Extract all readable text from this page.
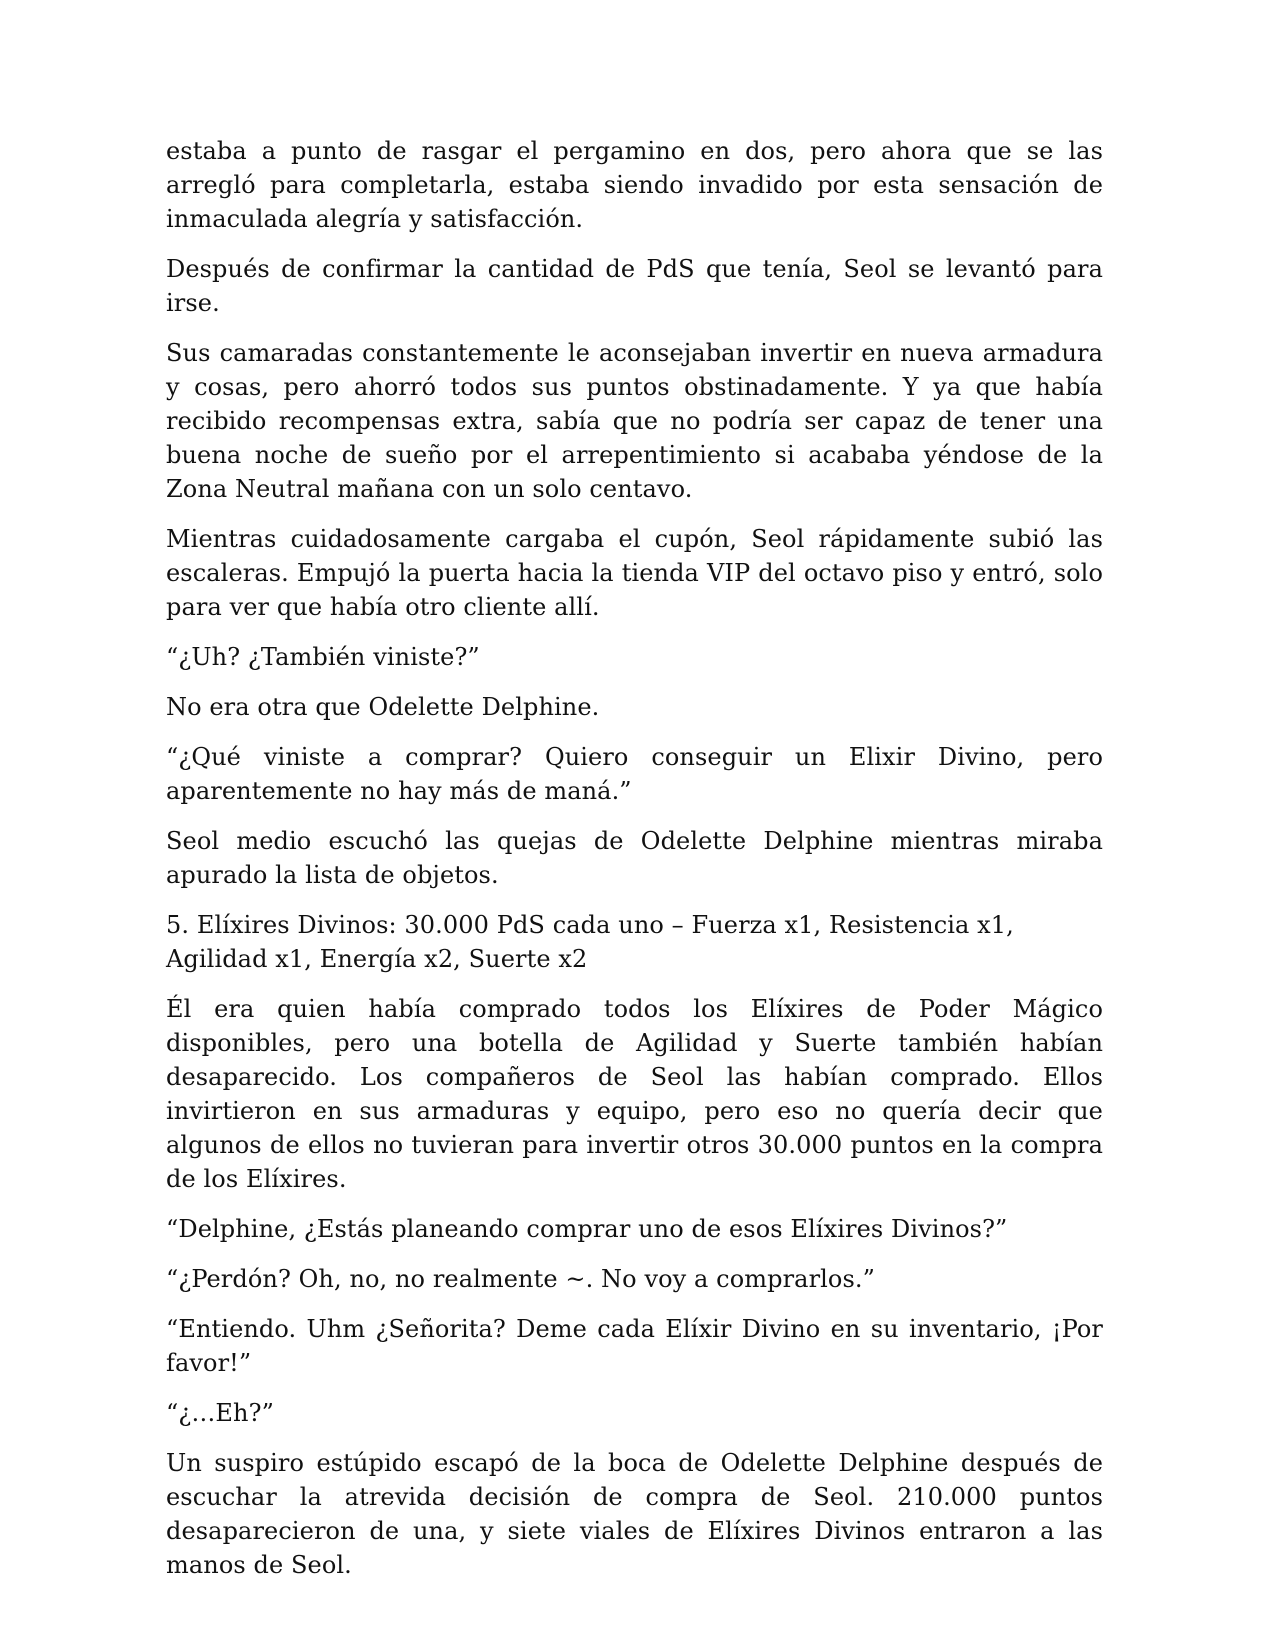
estaba a punto de rasgar el pergamino en dos, pero ahora que se las arregló para completarla, estaba siendo invadido por esta sensación de inmaculada alegría y satisfacción.

Después de confirmar la cantidad de PdS que tenía, Seol se levantó para irse.

Sus camaradas constantemente le aconsejaban invertir en nueva armadura y cosas, pero ahorró todos sus puntos obstinadamente. Y ya que había recibido recompensas extra, sabía que no podría ser capaz de tener una buena noche de sueño por el arrepentimiento si acababa yéndose de la Zona Neutral mañana con un solo centavo.

Mientras cuidadosamente cargaba el cupón, Seol rápidamente subió las escaleras. Empujó la puerta hacia la tienda VIP del octavo piso y entró, solo para ver que había otro cliente allí.

“¿Uh? ¿También viniste?”

No era otra que Odelette Delphine.

“¿Qué viniste a comprar? Quiero conseguir un Elixir Divino, pero aparentemente no hay más de maná.”

Seol medio escuchó las quejas de Odelette Delphine mientras miraba apurado la lista de objetos.

5. Elíxires Divinos: 30.000 PdS cada uno – Fuerza x1, Resistencia x1, Agilidad x1, Energía x2, Suerte x2

Él era quien había comprado todos los Elíxires de Poder Mágico disponibles, pero una botella de Agilidad y Suerte también habían desaparecido. Los compañeros de Seol las habían comprado. Ellos invirtieron en sus armaduras y equipo, pero eso no quería decir que algunos de ellos no tuvieran para invertir otros 30.000 puntos en la compra de los Elíxires.

“Delphine, ¿Estás planeando comprar uno de esos Elíxires Divinos?”

“¿Perdón? Oh, no, no realmente ~. No voy a comprarlos.”

“Entiendo. Uhm ¿Señorita? Deme cada Elíxir Divino en su inventario, ¡Por favor!”

“¿…Eh?”

Un suspiro estúpido escapó de la boca de Odelette Delphine después de escuchar la atrevida decisión de compra de Seol. 210.000 puntos desaparecieron de una, y siete viales de Elíxires Divinos entraron a las manos de Seol.
